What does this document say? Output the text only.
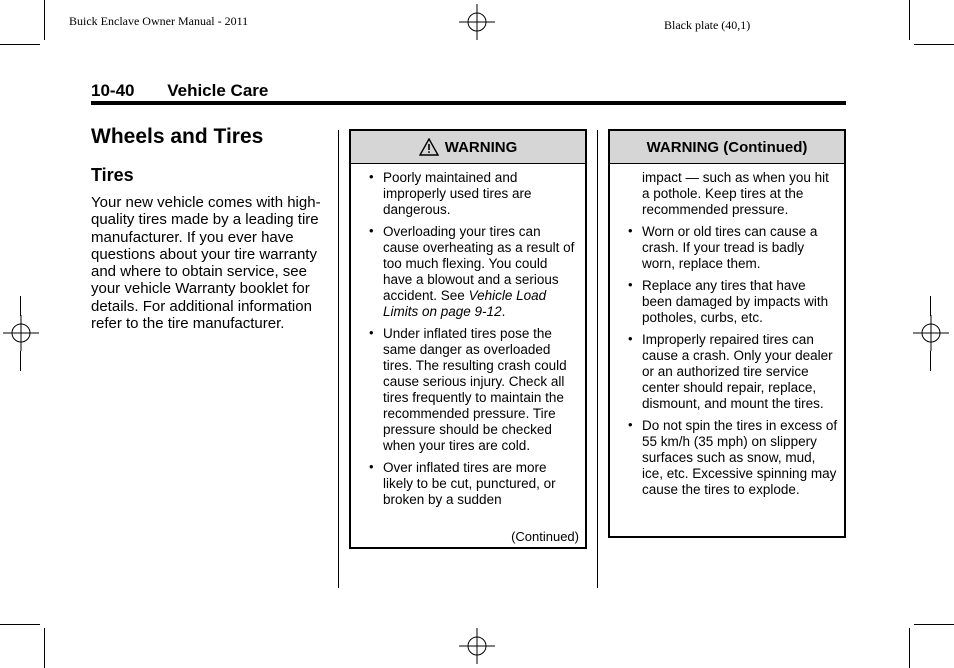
Buick Enclave Owner Manual - 2011	Black plate (40,1)
10-40 Vehicle Care
Wheels and Tires
Tires
Your new vehicle comes with high-quality tires made by a leading tire manufacturer. If you ever have questions about your tire warranty and where to obtain service, see your vehicle Warranty booklet for details. For additional information refer to the tire manufacturer.
WARNING
• Poorly maintained and improperly used tires are dangerous.
• Overloading your tires can cause overheating as a result of too much flexing. You could have a blowout and a serious accident. See Vehicle Load Limits on page 9-12.
• Under inflated tires pose the same danger as overloaded tires. The resulting crash could cause serious injury. Check all tires frequently to maintain the recommended pressure. Tire pressure should be checked when your tires are cold.
• Over inflated tires are more likely to be cut, punctured, or broken by a sudden
(Continued)
WARNING (Continued)
impact — such as when you hit a pothole. Keep tires at the recommended pressure.
• Worn or old tires can cause a crash. If your tread is badly worn, replace them.
• Replace any tires that have been damaged by impacts with potholes, curbs, etc.
• Improperly repaired tires can cause a crash. Only your dealer or an authorized tire service center should repair, replace, dismount, and mount the tires.
• Do not spin the tires in excess of 55 km/h (35 mph) on slippery surfaces such as snow, mud, ice, etc. Excessive spinning may cause the tires to explode.
